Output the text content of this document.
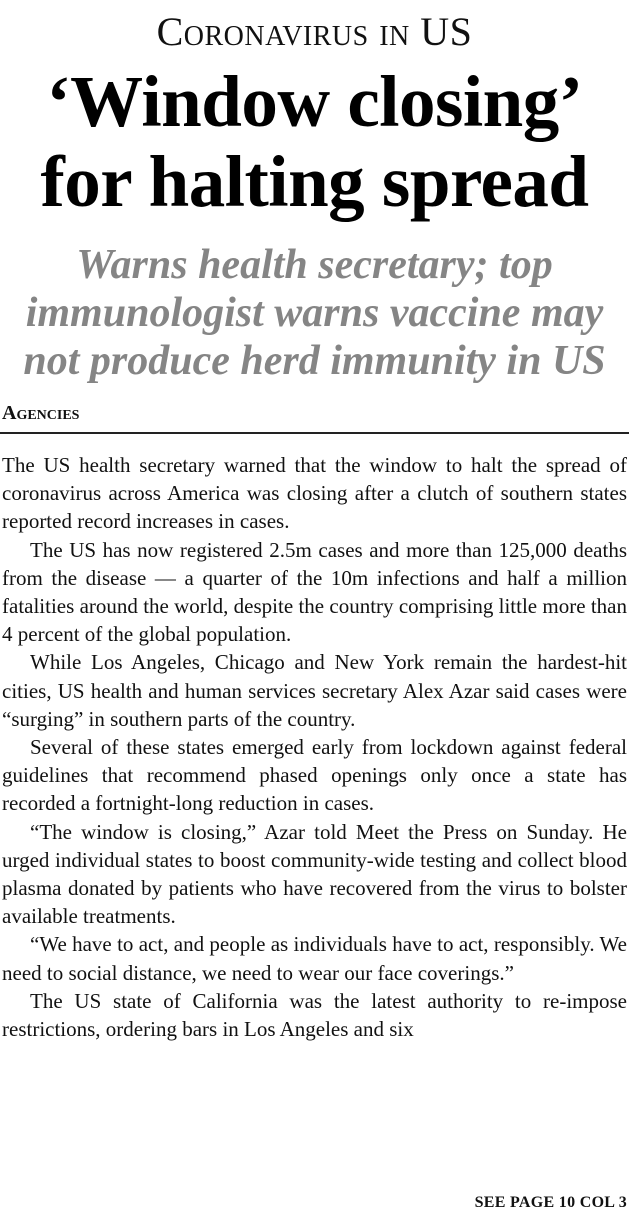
Coronavirus in US
‘Window closing’
for halting spread
Warns health secretary; top
immunologist warns vaccine may
not produce herd immunity in US
Agencies

The US health secretary warned that the window to halt the spread of coronavirus across America was closing after a clutch of southern states reported record increases in cases.

The US has now registered 2.5m cases and more than 125,000 deaths from the disease — a quarter of the 10m infections and half a million fatalities around the world, despite the country comprising little more than 4 percent of the global population.

While Los Angeles, Chicago and New York remain the hardest-hit cities, US health and human services secretary Alex Azar said cases were “surging” in southern parts of the country.

Several of these states emerged early from lockdown against federal guidelines that recommend phased openings only once a state has recorded a fortnight-long reduction in cases.

“The window is closing,” Azar told Meet the Press on Sunday. He urged individual states to boost community-wide testing and collect blood plasma donated by patients who have recovered from the virus to bolster available treatments.

“We have to act, and people as individuals have to act, responsibly. We need to social distance, we need to wear our face coverings.”

The US state of California was the latest authority to re-impose restrictions, ordering bars in Los Angeles and six

SEE PAGE 10 COL 3
